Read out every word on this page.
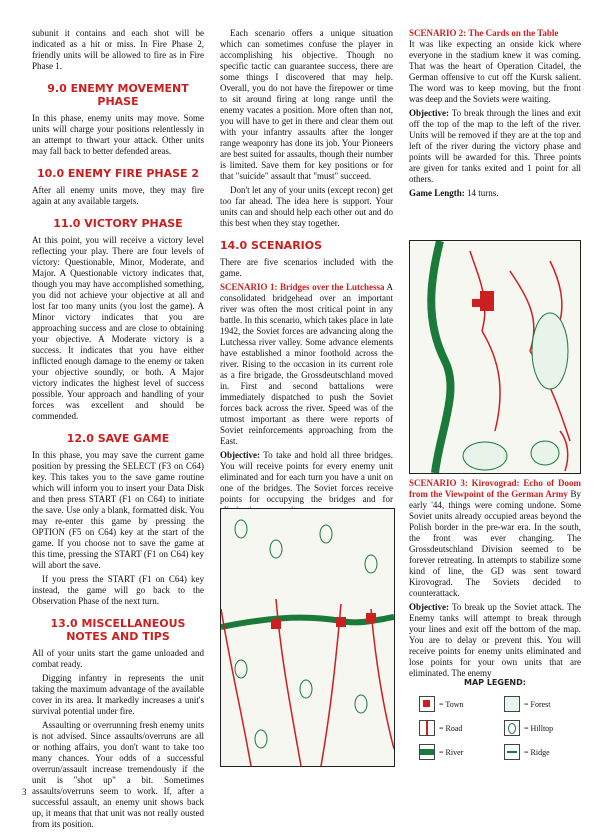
subunit it contains and each shot will be indicated as a hit or miss. In Fire Phase 2, friendly units will be allowed to fire as in Fire Phase 1.

9.0 ENEMY MOVEMENT PHASE

In this phase, enemy units may move. Some units will charge your positions relentlessly in an attempt to thwart your attack. Other units may fall back to better defended areas.

10.0 ENEMY FIRE PHASE 2

After all enemy units move, they may fire again at any available targets.

11.0 VICTORY PHASE

At this point, you will receive a victory level reflecting your play. There are four levels of victory: Questionable, Minor, Moderate, and Major. A Questionable victory indicates that, though you may have accomplished something, you did not achieve your objective at all and lost far too many units (you lost the game). A Minor victory indicates that you are approaching success and are close to obtaining your objective. A Moderate victory is a success. It indicates that you have either inflicted enough damage to the enemy or taken your objective soundly, or both. A Major victory indicates the highest level of success possible. Your approach and handling of your forces was excellent and should be commended.

12.0 SAVE GAME

In this phase, you may save the current game position by pressing the SELECT (F3 on C64) key. This takes you to the save game routine which will inform you to insert your Data Disk and then press START (F1 on C64) to initiate the save. Use only a blank, formatted disk. You may re-enter this game by pressing the OPTION (F5 on C64) key at the start of the game. If you choose not to save the game at this time, pressing the START (F1 on C64) key will abort the save.

If you press the START (F1 on C64) key instead, the game will go back to the Observation Phase of the next turn.

13.0 MISCELLANEOUS NOTES AND TIPS

All of your units start the game unloaded and combat ready.

Digging infantry in represents the unit taking the maximum advantage of the available cover in its area. It markedly increases a unit's survival potential under fire.

Assaulting or overrunning fresh enemy units is not advised. Since assaults/overruns are all or nothing affairs, you don't want to take too many chances. Your odds of a successful overrun/assault increase tremendously if the unit is "shot up" a bit. Sometimes assaults/overruns seem to work. If, after a successful assault, an enemy unit shows back up, it means that that unit was not really ousted from its position.

Each scenario offers a unique situation which can sometimes confuse the player in accomplishing his objective. Though no specific tactic can guarantee success, there are some things I discovered that may help. Overall, you do not have the firepower or time to sit around firing at long range until the enemy vacates a position. More often than not, you will have to get in there and clear them out with your infantry assaults after the longer range weaponry has done its job. Your Pioneers are best suited for assaults, though their number is limited. Save them for key positions or for that "suicide" assault that "must" succeed.

Don't let any of your units (except recon) get too far ahead. The idea here is support. Your units can and should help each other out and do this best when they stay together.

14.0 SCENARIOS

There are five scenarios included with the game.

SCENARIO 1: Bridges over the Lutchessa A consolidated bridgehead over an important river was often the most critical point in any battle. In this scenario, which takes place in late 1942, the Soviet forces are advancing along the Lutchessa river valley. Some advance elements have established a minor foothold across the river. Rising to the occasion in its current role as a fire brigade, the Grossdeutschland moved in. First and second battalions were immediately dispatched to push the Soviet forces back across the river. Speed was of the utmost important as there were reports of Soviet reinforcements approaching from the East.

Objective: To take and hold all three bridges. You will receive points for every enemy unit eliminated and for each turn you have a unit on one of the bridges. The Soviet forces receive points for occupying the bridges and for

SCENARIO 2: The Cards on the Table
It was like expecting an onside kick where everyone in the stadium knew it was coming. That was the heart of Operation Citadel, the German offensive to cut off the Kursk salient. The word was to keep moving, but the front was deep and the Soviets were waiting.

Objective: To break through the lines and exit off the top of the map to the left of the river. Units will be removed if they are at the top and left of the river during the victory phase and points will be awarded for this. Three points are given for tanks exited and 1 point for all others.

Game Length: 14 turns.

SCENARIO 3: Kirovograd: Echo of Doom from the Viewpoint of the German Army By early '44, things were coming undone. Some Soviet units already occupied areas beyond the Polish border in the pre-war era. In the south, the front was ever changing. The Grossdeutschland Division seemed to be forever retreating. In attempts to stabilize some kind of line, the GD was sent toward Kirovograd. The Soviets decided to counterattack.

Objective: To break up the Soviet attack. The Enemy tanks will attempt to break through your lines and exit off the bottom of the map. You are to delay or prevent this. You will receive points for enemy units eliminated and lose points for your own units that are eliminated. The enemy

MAP LEGEND:
= Town
= Road
= River
= Forest
= Hilltop
= Ridge
3
